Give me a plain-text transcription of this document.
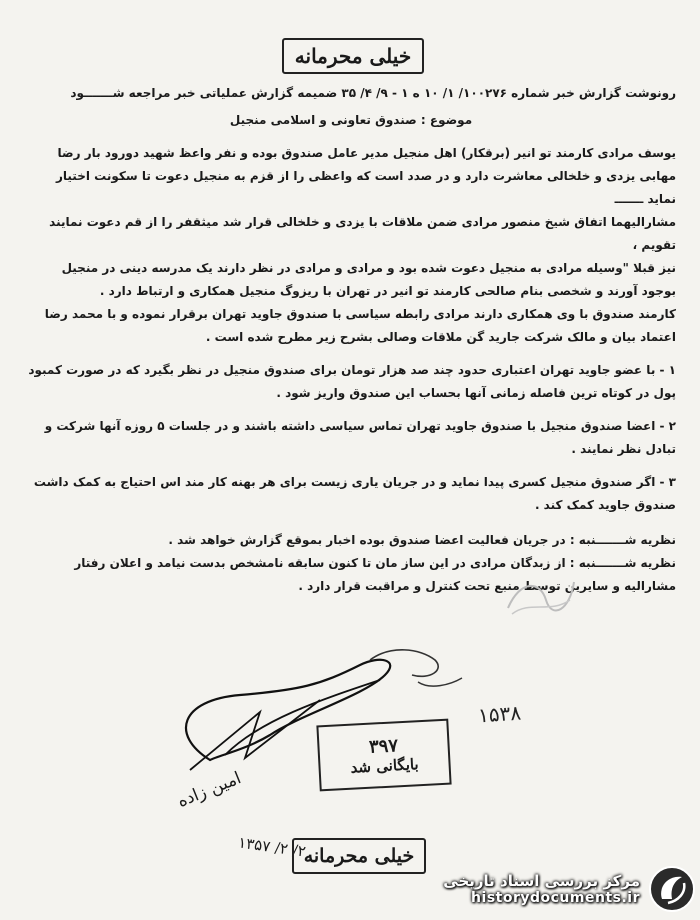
خیلی محرمانه

رونوشت گزارش خبر شماره ۱۰۰۲۷۶/ ۱/ ۱۰ ه ۱ - ۹/ ۴/ ۳۵ ضمیمه گزارش عملیاتی خبر مراجعه شـــــــود

موضوع : صندوق تعاونی و اسلامی منجیل

یوسف مرادی کارمند تو انیر (برقکار) اهل منجیل مدیر عامل صندوق بوده و نفر واعظ شهید دورود بار رضا مهابی یزدی و خلخالی معاشرت دارد و در صدد است که واعظی را از قزم به منجیل دعوت تا سکونت اختیار نماید ـــــــ

مشارالیهما اتفاق شیخ منصور مرادی ضمن ملاقات با یزدی و خلخالی قرار شد میثقفر را از قم دعوت نمایند تقویم ،

نیز قبلا "وسیله مرادی به منجیل دعوت شده بود و مرادی و مرادی در نظر دارند یک مدرسه دینی در منجیل بوجود آورند و شخصی بنام صالحی کارمند تو انیر در تهران با ریزوگ منجیل همکاری و ارتباط دارد .

کارمند صندوق با وی همکاری دارند مرادی رابطه سیاسی با صندوق جاوید تهران برقرار نموده و با محمد رضا اعتماد بیان و مالک شرکت جارید گن ملاقات وصالی بشرح زیر مطرح شده است .

۱ - با عضو جاوید تهران اعتباری حدود چند صد هزار تومان برای صندوق منجیل در نظر بگیرد که در صورت کمبود پول در کوتاه ترین فاصله زمانی آنها بحساب این صندوق واریز شود .

۲ - اعضا صندوق منجیل با صندوق جاوید تهران تماس سیاسی داشته باشند و در جلسات ۵ روزه آنها شرکت و تبادل نظر نمایند .

۳ - اگر صندوق منجیل کسری پیدا نماید و در جریان یاری زیست برای هر بهنه کار مند اس احتیاج به کمک داشت صندوق جاوید کمک کند .

نظریه شـــــــنبه : در جریان فعالیت اعضا صندوق بوده اخبار بموقع گزارش خواهد شد .

نظریه شـــــــنبه : از زبدگان مرادی در این ساز مان تا کنون سابقه نامشخص بدست نیامد و اعلان رفتار مشارالیه و سایرین توسط منبع تحت کنترل و مراقبت قرار دارد .

۱۵۳۸
۳۹۷
بایگانی شد
امین زاده
۲/ ۲/ ۱۳۵۷
خیلی محرمانه
مرکز بررسی اسناد تاریخی
historydocuments.ir
